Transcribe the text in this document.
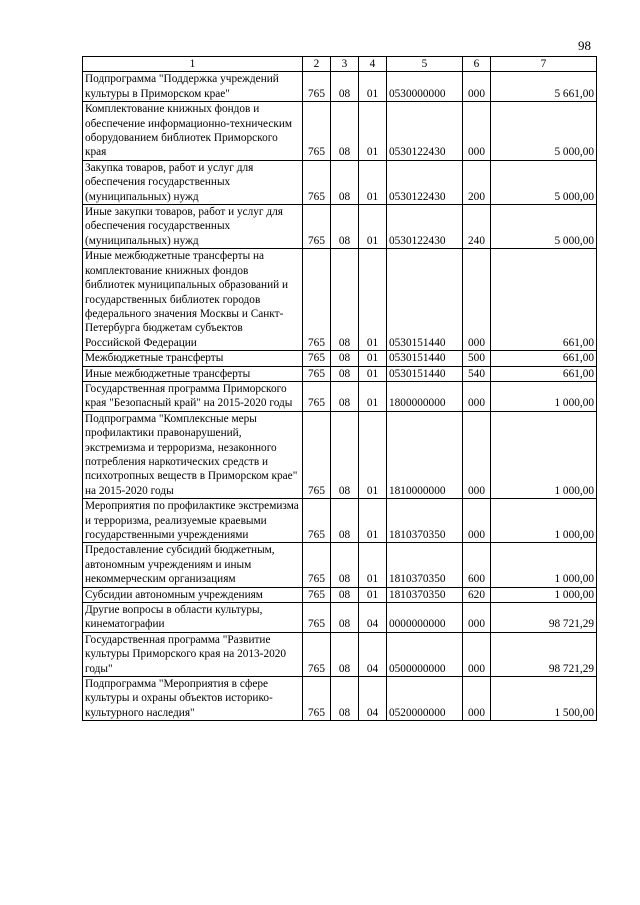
98
1	2	3	4	5	6	7
Подпрограмма "Поддержка учреждений культуры в Приморском крае"	765	08	01	0530000000	000	5 661,00
Комплектование книжных фондов и обеспечение информационно-техническим оборудованием библиотек Приморского края	765	08	01	0530122430	000	5 000,00
Закупка товаров, работ и услуг для обеспечения государственных (муниципальных) нужд	765	08	01	0530122430	200	5 000,00
Иные закупки товаров, работ и услуг для обеспечения государственных (муниципальных) нужд	765	08	01	0530122430	240	5 000,00
Иные межбюджетные трансферты на комплектование книжных фондов библиотек муниципальных образований и государственных библиотек городов федерального значения Москвы и Санкт-Петербурга бюджетам субъектов Российской Федерации	765	08	01	0530151440	000	661,00
Межбюджетные трансферты	765	08	01	0530151440	500	661,00
Иные межбюджетные трансферты	765	08	01	0530151440	540	661,00
Государственная программа Приморского края "Безопасный край" на 2015-2020 годы	765	08	01	1800000000	000	1 000,00
Подпрограмма "Комплексные меры профилактики правонарушений, экстремизма и терроризма, незаконного потребления наркотических средств и психотропных веществ в Приморском крае" на 2015-2020 годы	765	08	01	1810000000	000	1 000,00
Мероприятия по профилактике экстремизма и терроризма, реализуемые краевыми государственными учреждениями	765	08	01	1810370350	000	1 000,00
Предоставление субсидий бюджетным, автономным учреждениям и иным некоммерческим организациям	765	08	01	1810370350	600	1 000,00
Субсидии автономным учреждениям	765	08	01	1810370350	620	1 000,00
Другие вопросы в области культуры, кинематографии	765	08	04	0000000000	000	98 721,29
Государственная программа "Развитие культуры Приморского края на 2013-2020 годы"	765	08	04	0500000000	000	98 721,29
Подпрограмма "Мероприятия в сфере культуры и охраны объектов историко-культурного наследия"	765	08	04	0520000000	000	1 500,00
